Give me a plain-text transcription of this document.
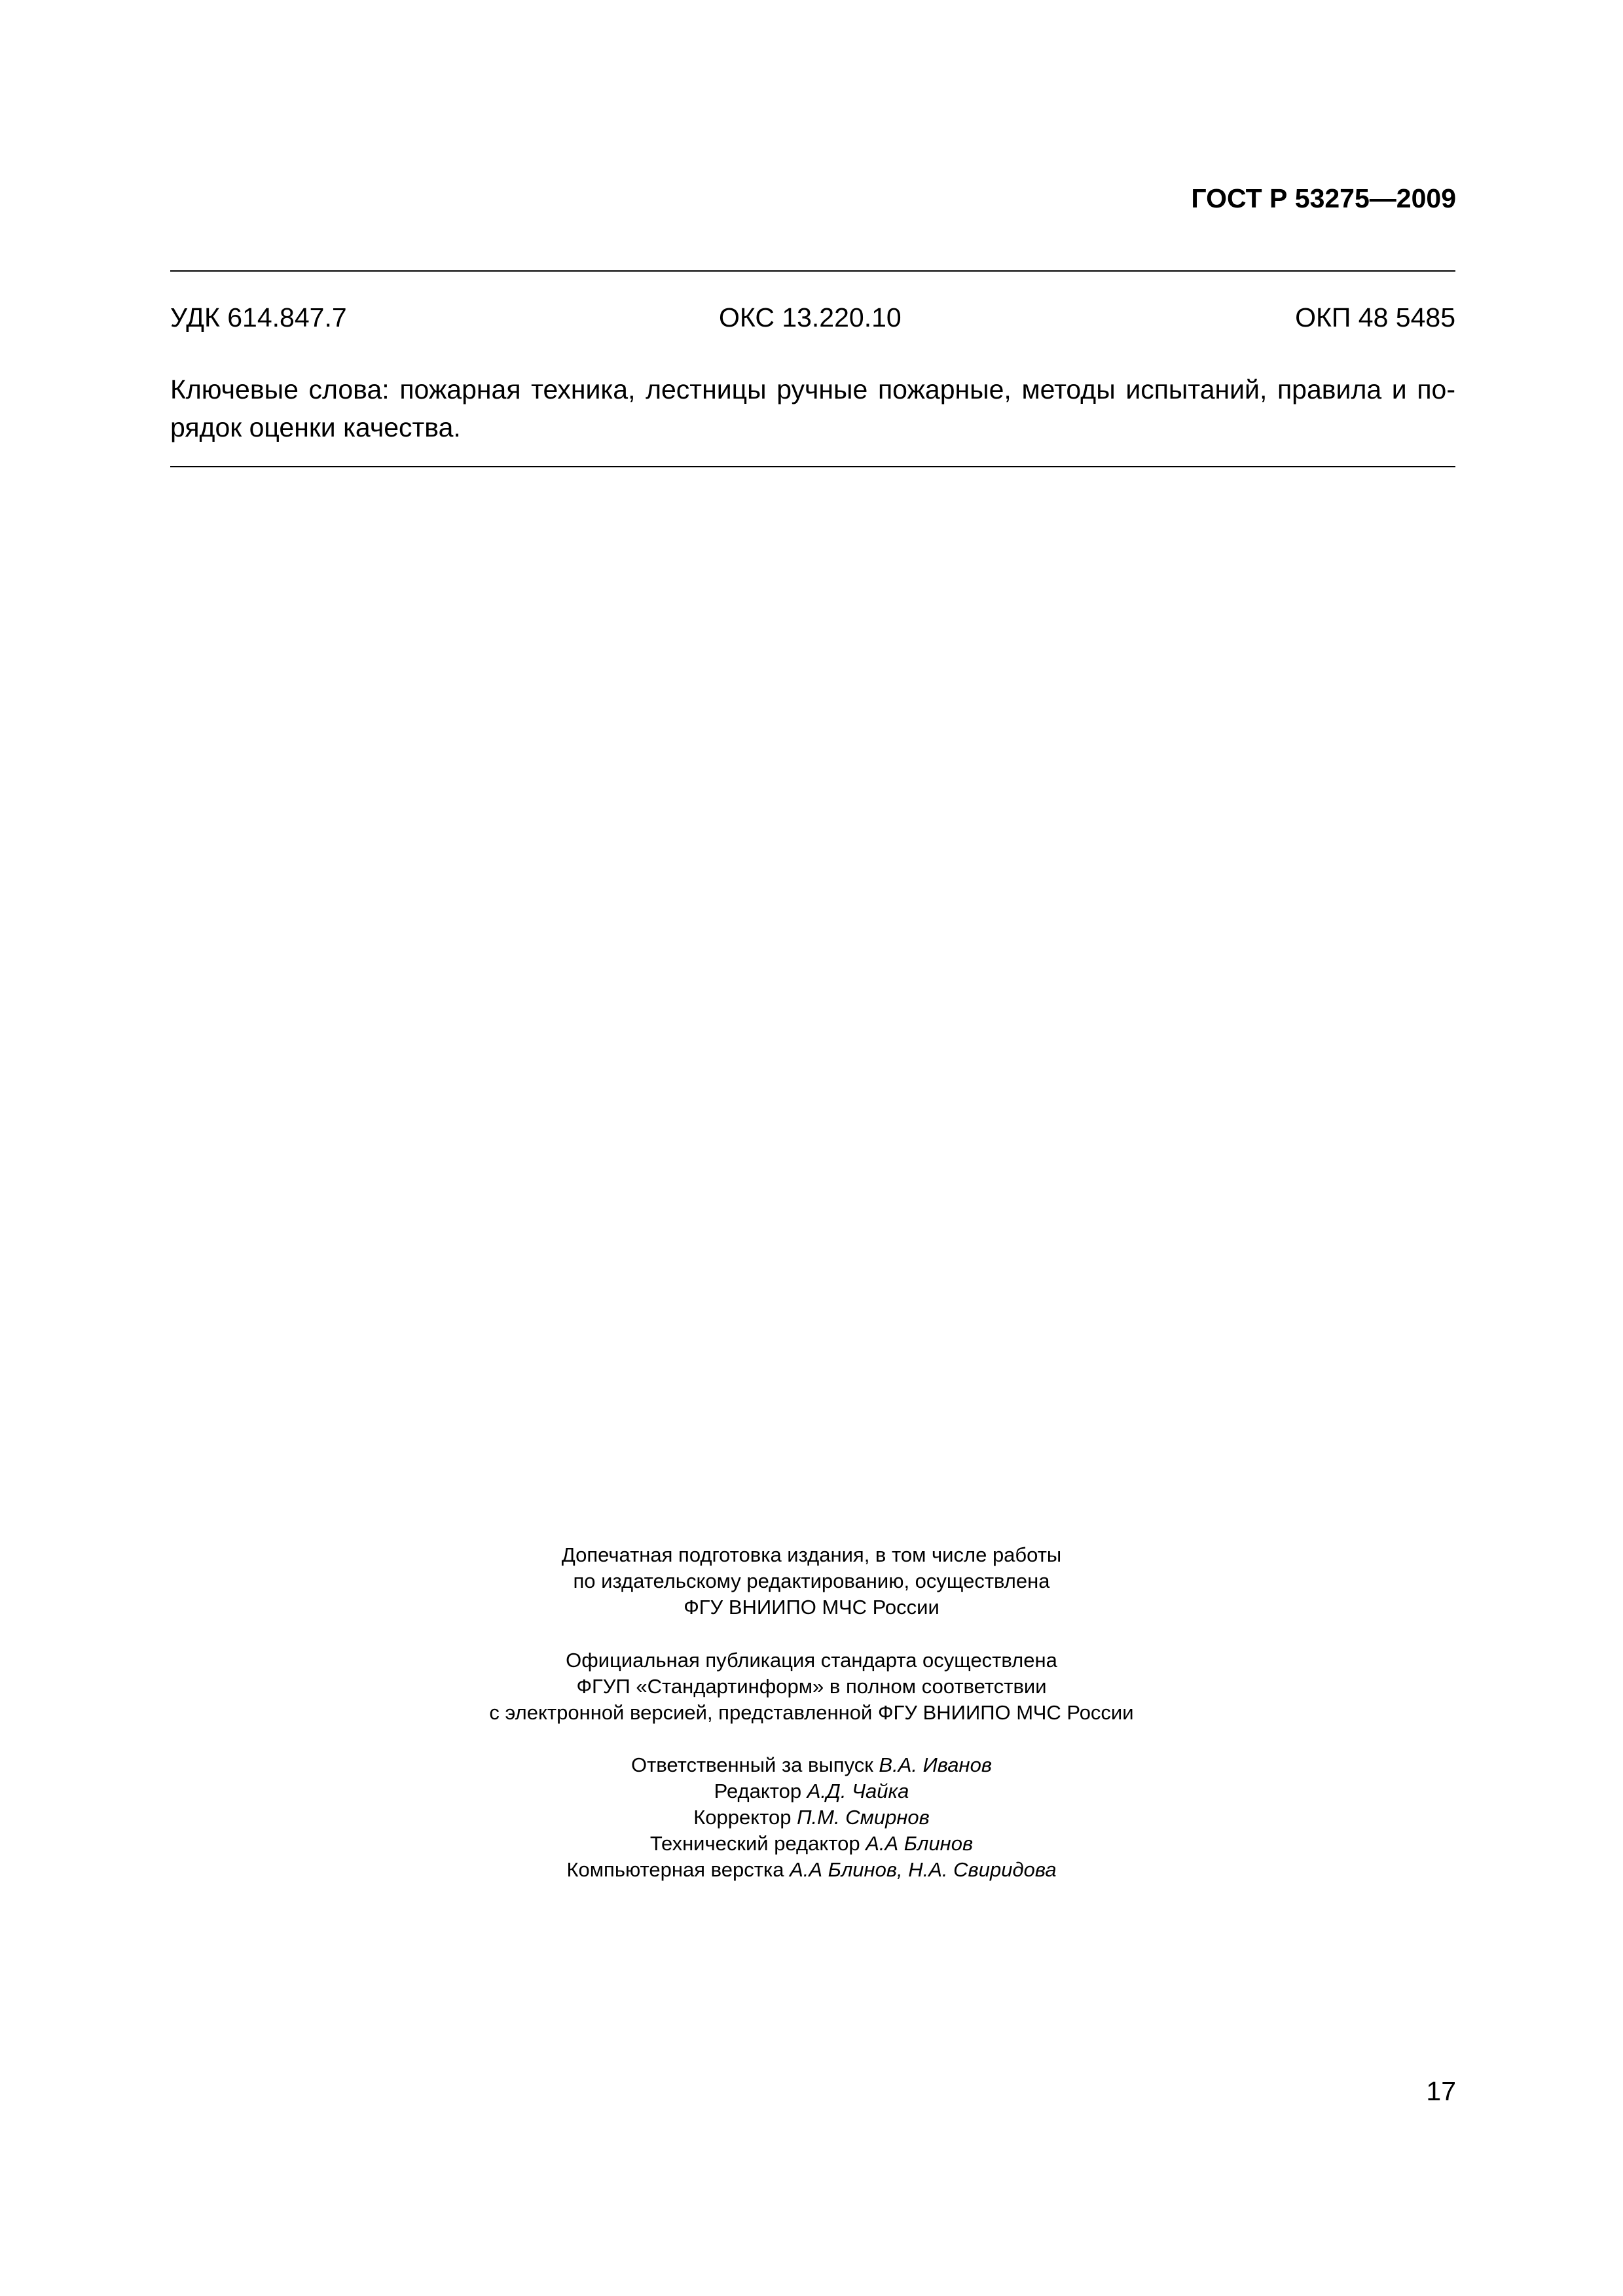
ГОСТ Р 53275—2009
УДК 614.847.7	ОКС 13.220.10	ОКП 48 5485
Ключевые слова: пожарная техника, лестницы ручные пожарные, методы испытаний, правила и по-
рядок оценки качества.
Допечатная подготовка издания, в том числе работы
по издательскому редактированию, осуществлена
ФГУ ВНИИПО МЧС России
Официальная публикация стандарта осуществлена
ФГУП «Стандартинформ» в полном соответствии
с электронной версией, представленной ФГУ ВНИИПО МЧС России
Ответственный за выпуск В.А. Иванов
Редактор А.Д. Чайка
Корректор П.М. Смирнов
Технический редактор А.А Блинов
Компьютерная верстка А.А Блинов, Н.А. Свиридова
17
